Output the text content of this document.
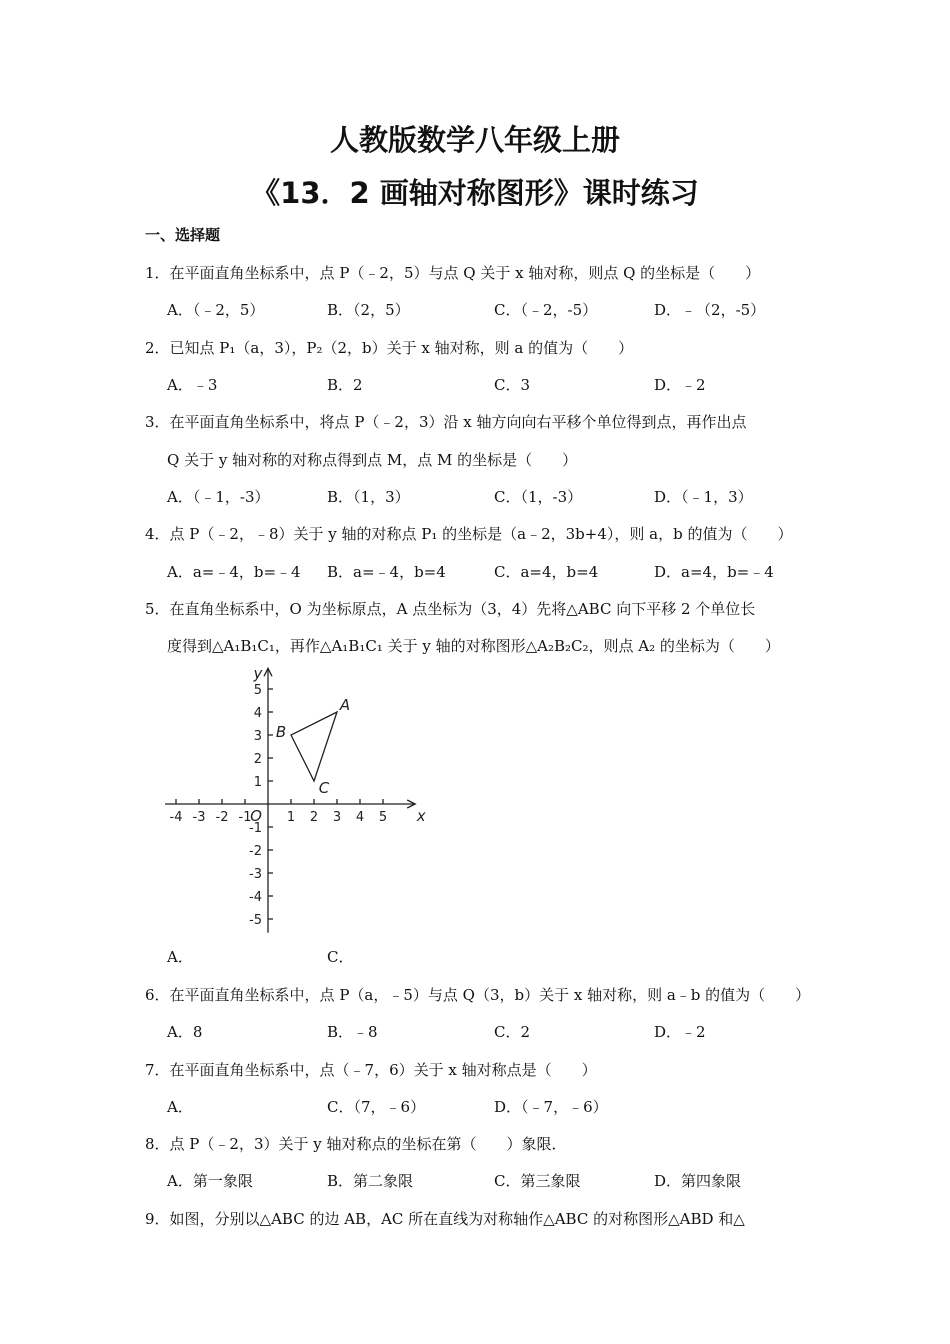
人教版数学八年级上册
《13．2 画轴对称图形》课时练习
一、选择题
1．在平面直角坐标系中，点 P（﹣2，5）与点 Q 关于 x 轴对称，则点 Q 的坐标是（　　）
A．（﹣2，5）	B．（2，5）	C．（﹣2，-5）	D．﹣（2，-5）
2．已知点 P₁（a，3），P₂（2，b）关于 x 轴对称，则 a 的值为（　　）
A．﹣3	B．2	C．3	D．﹣2
3．在平面直角坐标系中，将点 P（﹣2，3）沿 x 轴方向向右平移个单位得到点，再作出点
Q 关于 y 轴对称的对称点得到点 M，点 M 的坐标是（　　）
A．（﹣1，-3）	B．（1，3）	C．（1，-3）	D．（﹣1，3）
4．点 P（﹣2，﹣8）关于 y 轴的对称点 P₁ 的坐标是（a﹣2，3b+4），则 a，b 的值为（　　）
A．a=﹣4，b=﹣4 B．a=﹣4，b=4	C．a=4，b=4	D．a=4，b=﹣4
5．在直角坐标系中，O 为坐标原点，A 点坐标为（3，4）先将△ABC 向下平移 2 个单位长
度得到△A₁B₁C₁，再作△A₁B₁C₁ 关于 y 轴的对称图形△A₂B₂C₂，则点 A₂ 的坐标为（　　）
-4 -3 -2 -1	1 2 3 4 5
5
4
3
2
1
-1
-2
-3
-4
-5
O	x
y
A
B
C
A．	C．
6．在平面直角坐标系中，点 P（a，﹣5）与点 Q（3，b）关于 x 轴对称，则 a﹣b 的值为（　　）
A．8	B．﹣8	C．2	D．﹣2
7．在平面直角坐标系中，点（﹣7，6）关于 x 轴对称点是（　　）
A．	C．（7，﹣6）	D．（﹣7，﹣6）
8．点 P（﹣2，3）关于 y 轴对称点的坐标在第（　　）象限．
A．第一象限	B．第二象限	C．第三象限	D．第四象限
9．如图，分别以△ABC 的边 AB，AC 所在直线为对称轴作△ABC 的对称图形△ABD 和△
